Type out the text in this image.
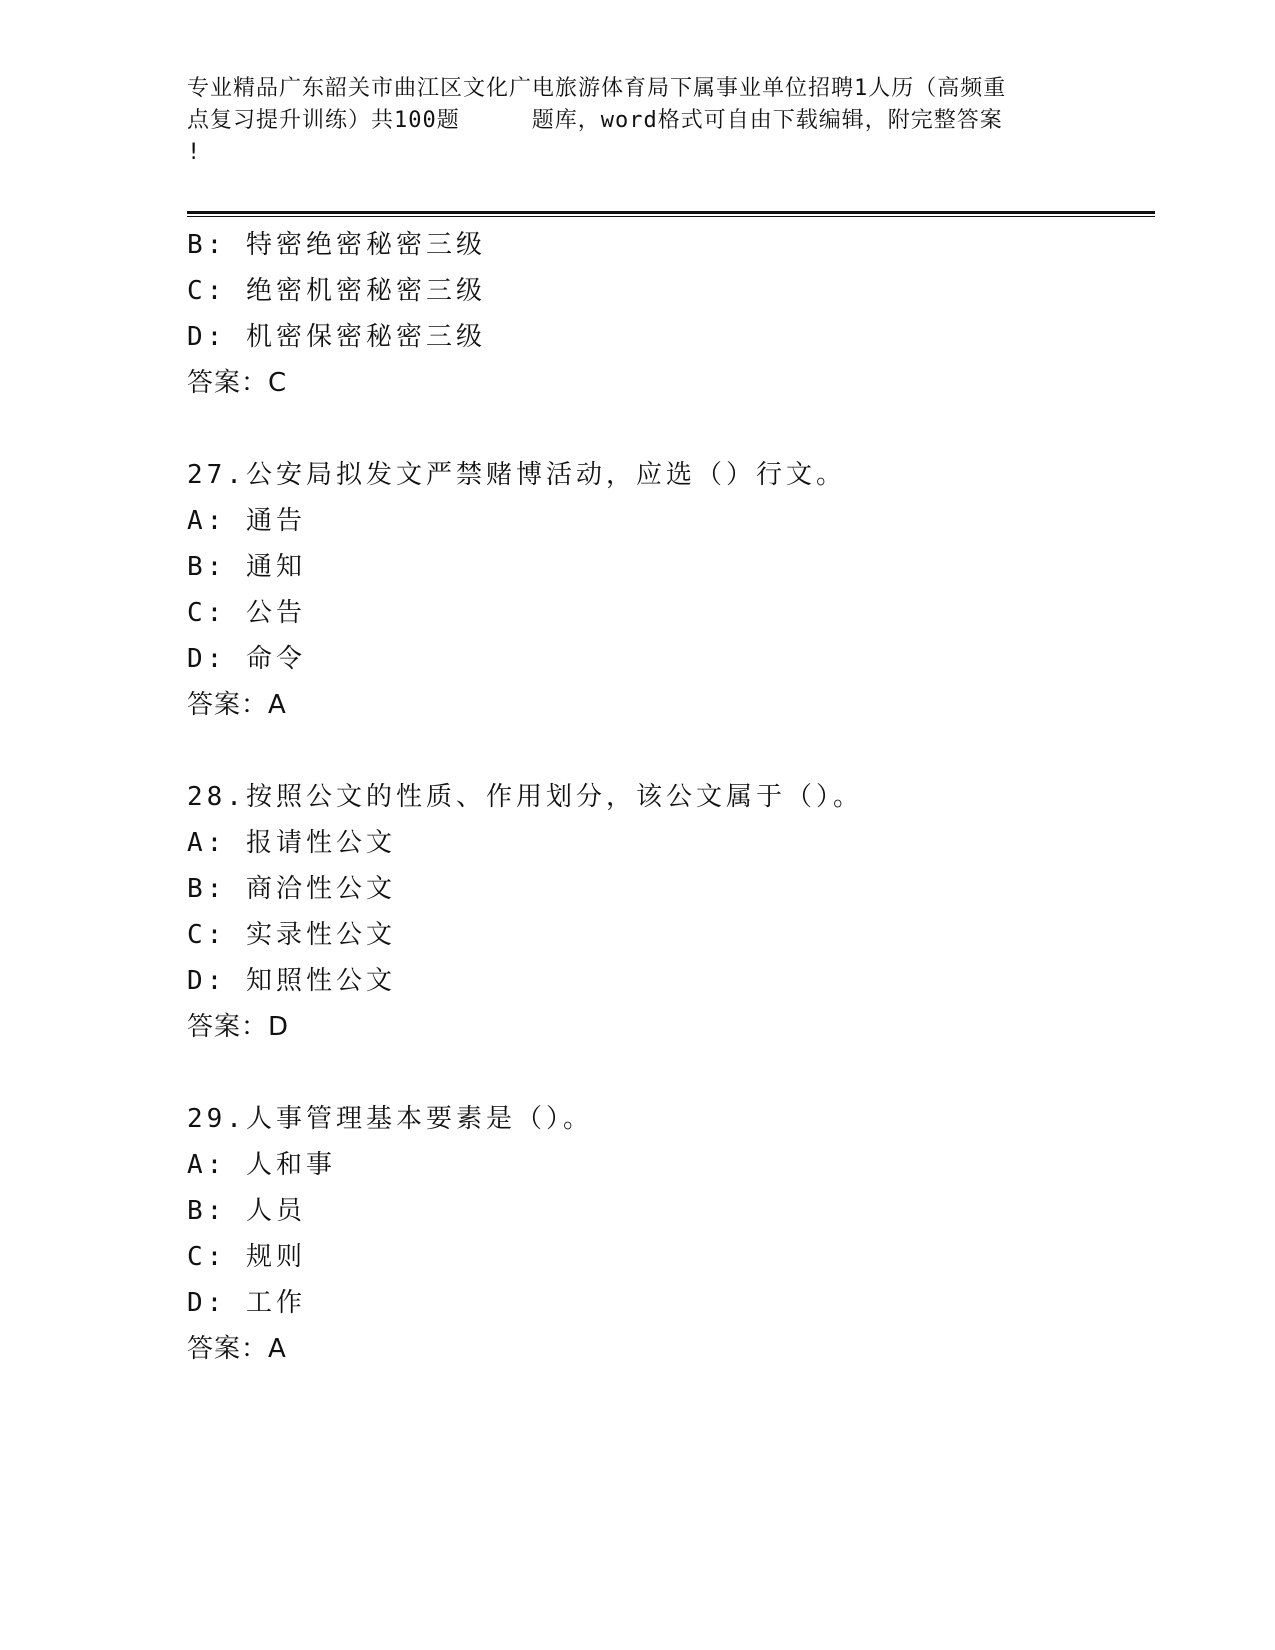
专业精品广东韶关市曲江区文化广电旅游体育局下属事业单位招聘1人历（高频重
点复习提升训练）共100题	题库，word格式可自由下载编辑，附完整答案
!
B: 特密绝密秘密三级
C: 绝密机密秘密三级
D: 机密保密秘密三级
答案：C
27.公安局拟发文严禁赌博活动，应选（）行文。
A: 通告
B: 通知
C: 公告
D: 命令
答案：A
28.按照公文的性质、作用划分，该公文属于（）。
A: 报请性公文
B: 商洽性公文
C: 实录性公文
D: 知照性公文
答案：D
29.人事管理基本要素是（）。
A: 人和事
B: 人员
C: 规则
D: 工作
答案：A
